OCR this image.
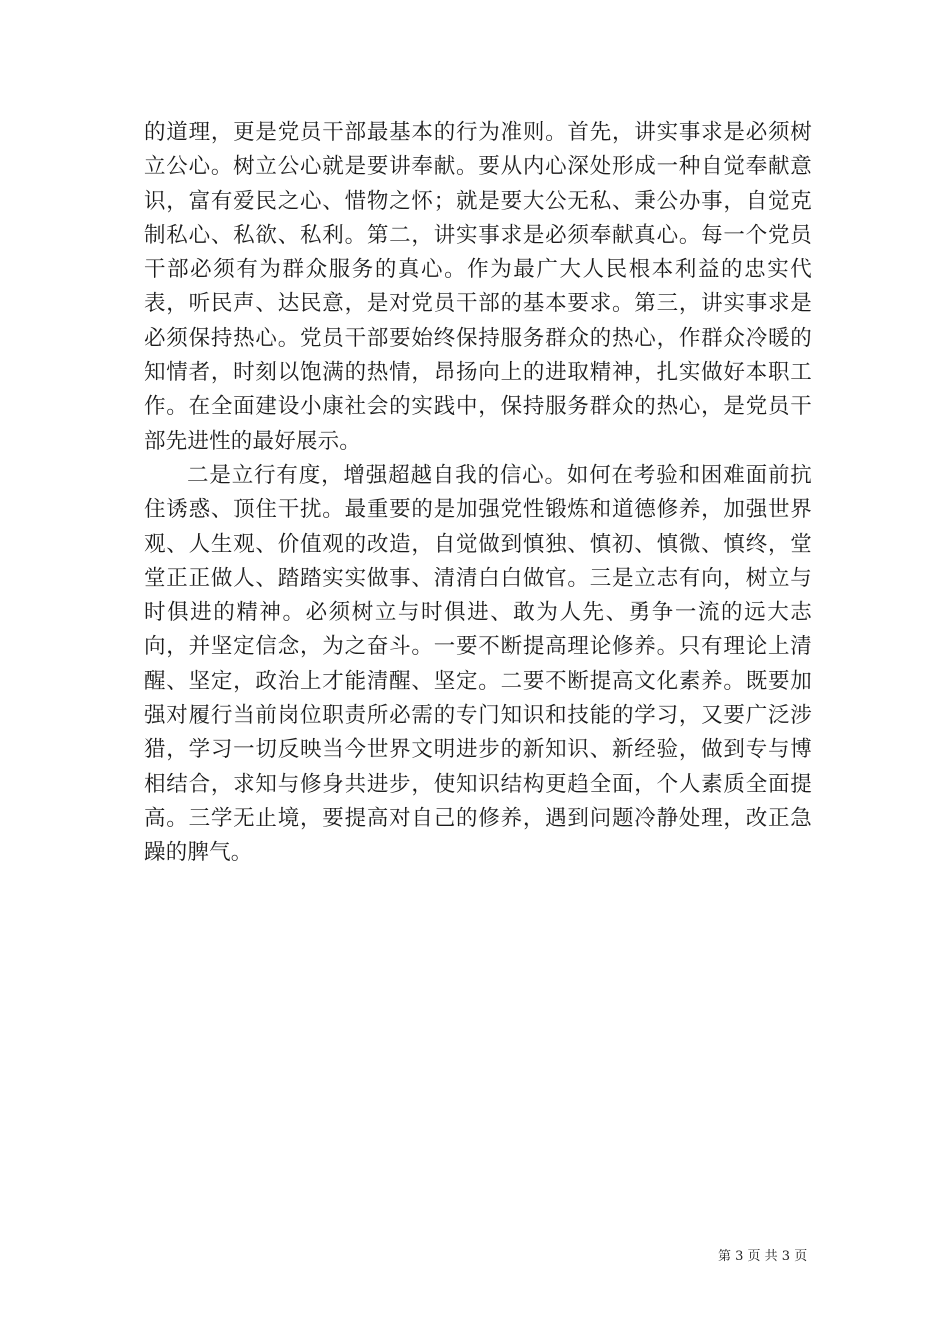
的道理，更是党员干部最基本的行为准则。首先，讲实事求是必须树立公心。树立公心就是要讲奉献。要从内心深处形成一种自觉奉献意识，富有爱民之心、惜物之怀；就是要大公无私、秉公办事，自觉克制私心、私欲、私利。第二，讲实事求是必须奉献真心。每一个党员干部必须有为群众服务的真心。作为最广大人民根本利益的忠实代表，听民声、达民意，是对党员干部的基本要求。第三，讲实事求是必须保持热心。党员干部要始终保持服务群众的热心，作群众冷暖的知情者，时刻以饱满的热情，昂扬向上的进取精神，扎实做好本职工作。在全面建设小康社会的实践中，保持服务群众的热心，是党员干部先进性的最好展示。

二是立行有度，增强超越自我的信心。如何在考验和困难面前抗住诱惑、顶住干扰。最重要的是加强党性锻炼和道德修养，加强世界观、人生观、价值观的改造，自觉做到慎独、慎初、慎微、慎终，堂堂正正做人、踏踏实实做事、清清白白做官。三是立志有向，树立与时俱进的精神。必须树立与时俱进、敢为人先、勇争一流的远大志向，并坚定信念，为之奋斗。一要不断提高理论修养。只有理论上清醒、坚定，政治上才能清醒、坚定。二要不断提高文化素养。既要加强对履行当前岗位职责所必需的专门知识和技能的学习，又要广泛涉猎，学习一切反映当今世界文明进步的新知识、新经验，做到专与博相结合，求知与修身共进步，使知识结构更趋全面，个人素质全面提高。三学无止境，要提高对自己的修养，遇到问题冷静处理，改正急躁的脾气。

第 3 页 共 3 页
